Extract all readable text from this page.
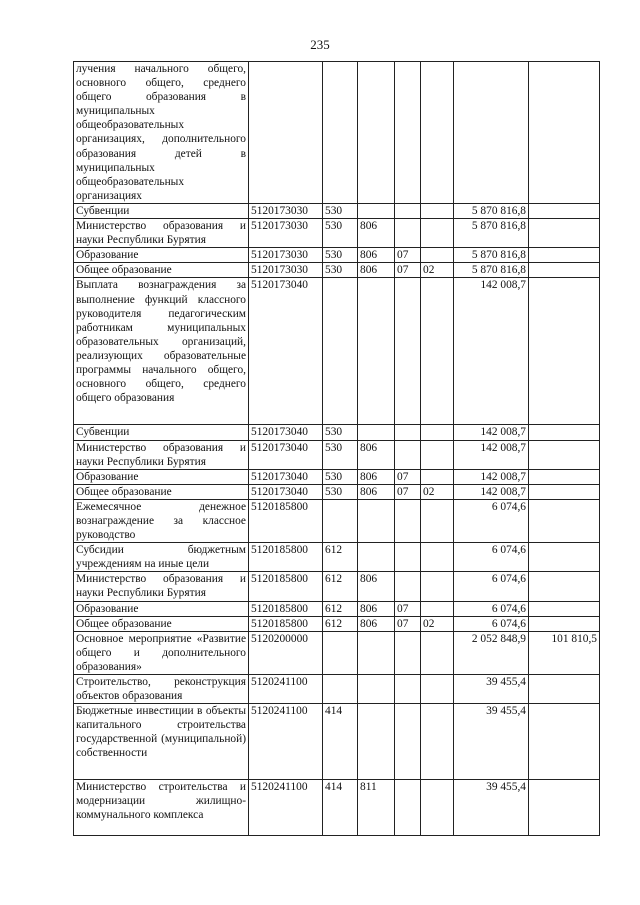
235
лучения начального общего, основного общего, среднего общего образования в муниципальных общеобразовательных организациях, дополнительного образования детей в муниципальных общеобразовательных организациях							
Субвенции	5120173030	530				5 870 816,8	
Министерство образования и науки Республики Бурятия	5120173030	530	806			5 870 816,8	
Образование	5120173030	530	806	07		5 870 816,8	
Общее образование	5120173030	530	806	07	02	5 870 816,8	
Выплата вознаграждения за выполнение функций классного руководителя педагогическим работникам муниципальных образовательных организаций, реализующих образовательные программы начального общего, основного общего, среднего общего образования	5120173040					142 008,7	
Субвенции	5120173040	530				142 008,7	
Министерство образования и науки Республики Бурятия	5120173040	530	806			142 008,7	
Образование	5120173040	530	806	07		142 008,7	
Общее образование	5120173040	530	806	07	02	142 008,7	
Ежемесячное денежное вознаграждение за классное руководство	5120185800					6 074,6	
Субсидии бюджетным учреждениям на иные цели	5120185800	612				6 074,6	
Министерство образования и науки Республики Бурятия	5120185800	612	806			6 074,6	
Образование	5120185800	612	806	07		6 074,6	
Общее образование	5120185800	612	806	07	02	6 074,6	
Основное мероприятие «Развитие общего и дополнительного образования»	5120200000					2 052 848,9	101 810,5
Строительство, реконструкция объектов образования	5120241100					39 455,4	
Бюджетные инвестиции в объекты капитального строительства государственной (муниципальной) собственности	5120241100	414				39 455,4	
Министерство строительства и модернизации жилищно-коммунального комплекса	5120241100	414	811			39 455,4	
